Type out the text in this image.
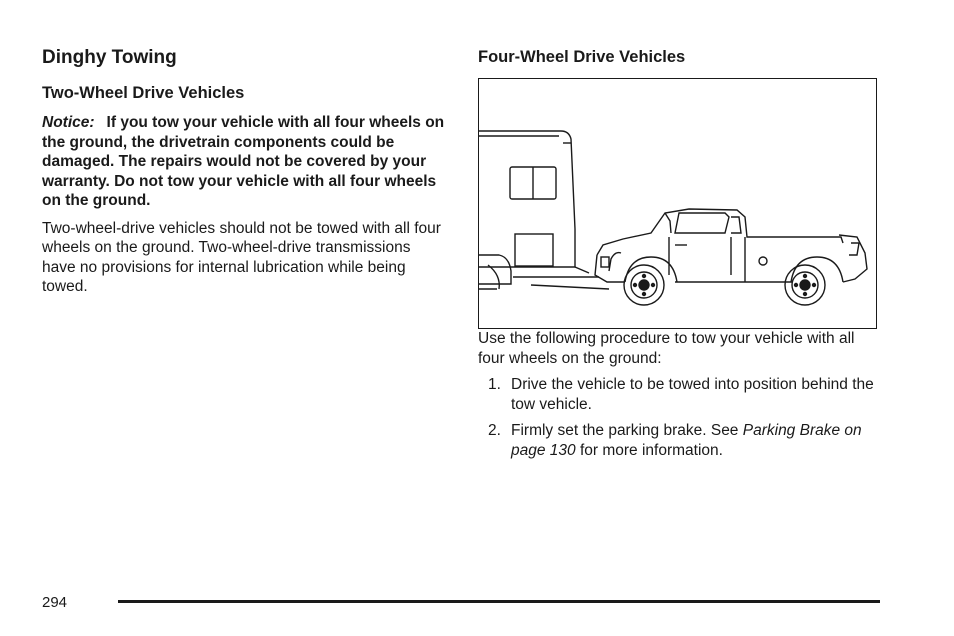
Dinghy Towing
Two-Wheel Drive Vehicles

Notice: If you tow your vehicle with all four wheels on the ground, the drivetrain components could be damaged. The repairs would not be covered by your warranty. Do not tow your vehicle with all four wheels on the ground.

Two-wheel-drive vehicles should not be towed with all four wheels on the ground. Two-wheel-drive transmissions have no provisions for internal lubrication while being towed.

Four-Wheel Drive Vehicles

Use the following procedure to tow your vehicle with all four wheels on the ground:

1. Drive the vehicle to be towed into position behind the tow vehicle.
2. Firmly set the parking brake. See Parking Brake on page 130 for more information.
294
